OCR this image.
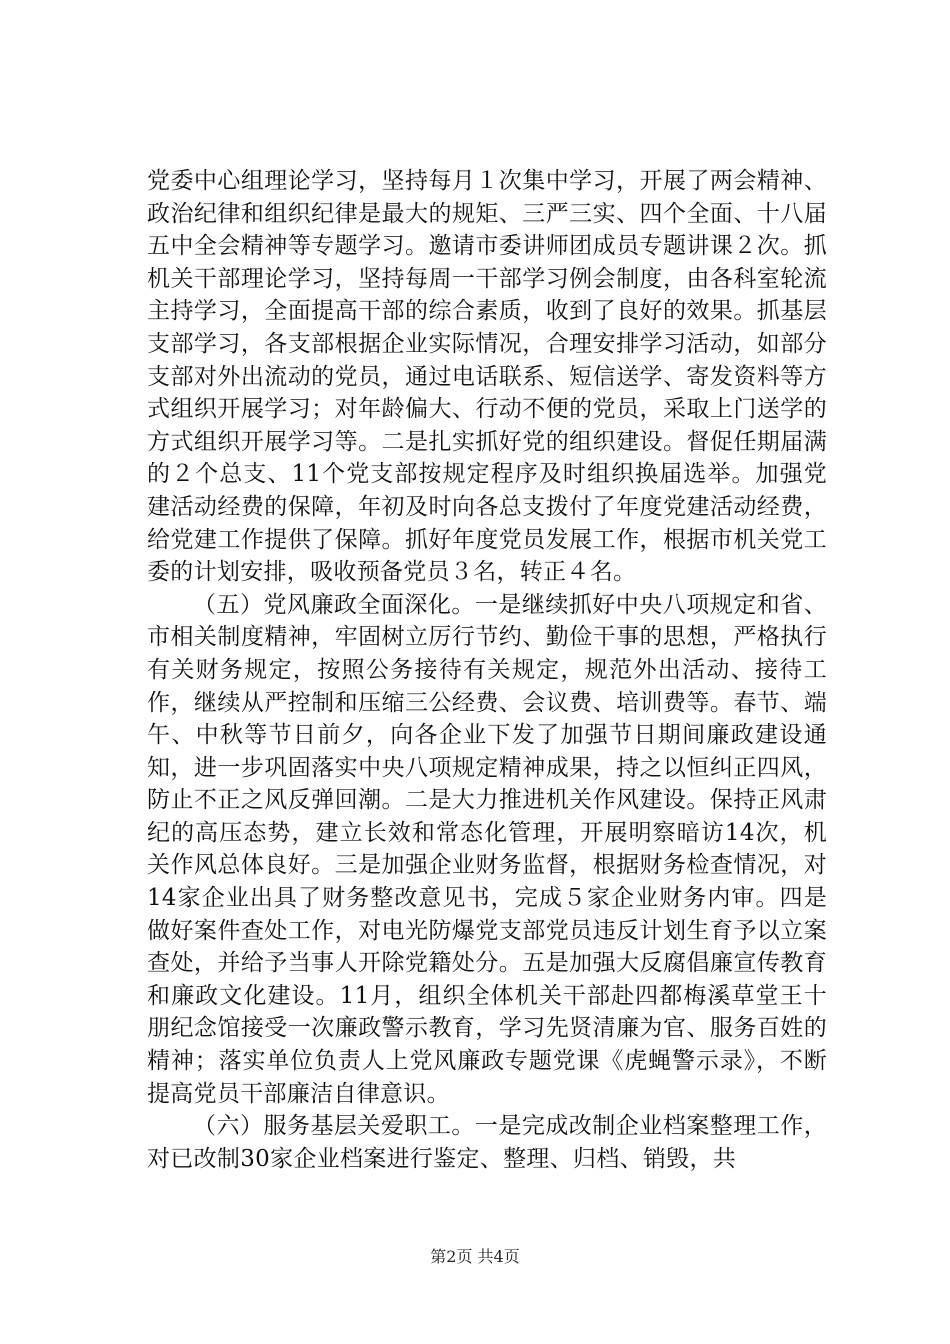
党委中心组理论学习，坚持每月１次集中学习，开展了两会精神、政治纪律和组织纪律是最大的规矩、三严三实、四个全面、十八届五中全会精神等专题学习。邀请市委讲师团成员专题讲课２次。抓机关干部理论学习，坚持每周一干部学习例会制度，由各科室轮流主持学习，全面提高干部的综合素质，收到了良好的效果。抓基层支部学习，各支部根据企业实际情况，合理安排学习活动，如部分支部对外出流动的党员，通过电话联系、短信送学、寄发资料等方式组织开展学习；对年龄偏大、行动不便的党员，采取上门送学的方式组织开展学习等。二是扎实抓好党的组织建设。督促任期届满的２个总支、11个党支部按规定程序及时组织换届选举。加强党建活动经费的保障，年初及时向各总支拨付了年度党建活动经费，给党建工作提供了保障。抓好年度党员发展工作，根据市机关党工委的计划安排，吸收预备党员３名，转正４名。

（五）党风廉政全面深化。一是继续抓好中央八项规定和省、市相关制度精神，牢固树立厉行节约、勤俭干事的思想，严格执行有关财务规定，按照公务接待有关规定，规范外出活动、接待工作，继续从严控制和压缩三公经费、会议费、培训费等。春节、端午、中秋等节日前夕，向各企业下发了加强节日期间廉政建设通知，进一步巩固落实中央八项规定精神成果，持之以恒纠正四风，防止不正之风反弹回潮。二是大力推进机关作风建设。保持正风肃纪的高压态势，建立长效和常态化管理，开展明察暗访14次，机关作风总体良好。三是加强企业财务监督，根据财务检查情况，对14家企业出具了财务整改意见书，完成５家企业财务内审。四是做好案件查处工作，对电光防爆党支部党员违反计划生育予以立案查处，并给予当事人开除党籍处分。五是加强大反腐倡廉宣传教育和廉政文化建设。11月，组织全体机关干部赴四都梅溪草堂王十朋纪念馆接受一次廉政警示教育，学习先贤清廉为官、服务百姓的精神；落实单位负责人上党风廉政专题党课《虎蝇警示录》，不断提高党员干部廉洁自律意识。

（六）服务基层关爱职工。一是完成改制企业档案整理工作，对已改制30家企业档案进行鉴定、整理、归档、销毁，共

第2页 共4页
